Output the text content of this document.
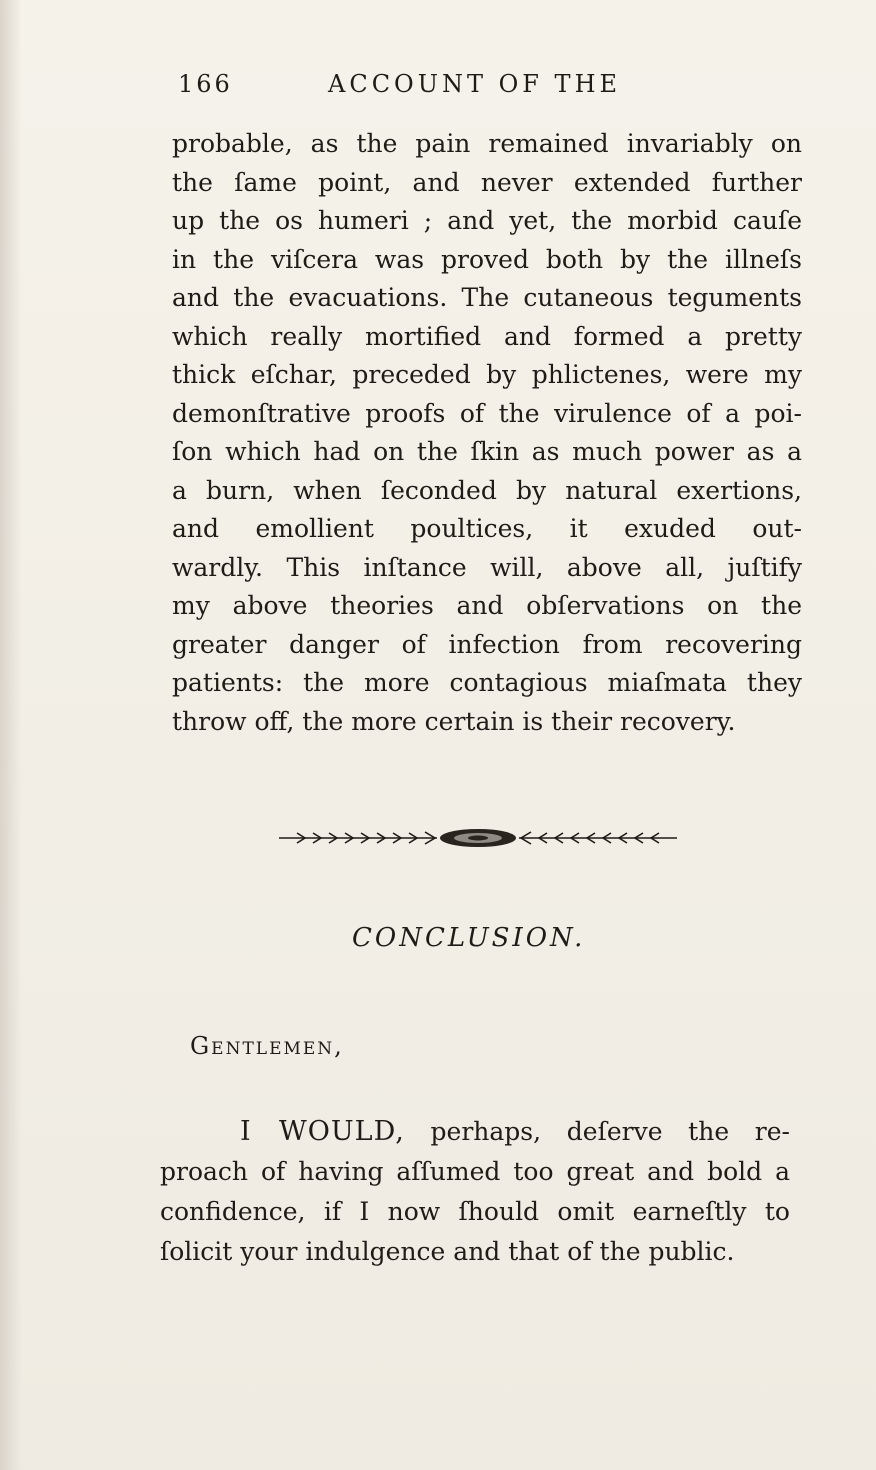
166	ACCOUNT OF THE
probable, as the pain remained invariably on
the ſame point, and never extended further
up the os humeri ; and yet, the morbid cauſe
in the viſcera was proved both by the illneſs
and the evacuations. The cutaneous teguments
which really mortified and formed a pretty
thick eſchar, preceded by phlictenes, were my
demonſtrative proofs of the virulence of a poi-
ſon which had on the ſkin as much power as a
a burn, when ſeconded by natural exertions,
and emollient poultices, it exuded out-
wardly. This inſtance will, above all, juſtify
my above theories and obſervations on the
greater danger of infection from recovering
patients: the more contagious miaſmata they
throw off, the more certain is their recovery.
CONCLUSION.
Gentlemen,
I WOULD, perhaps, deſerve the re-
proach of having aſſumed too great and bold a
confidence, if I now ſhould omit earneſtly to
ſolicit your indulgence and that of the public.
